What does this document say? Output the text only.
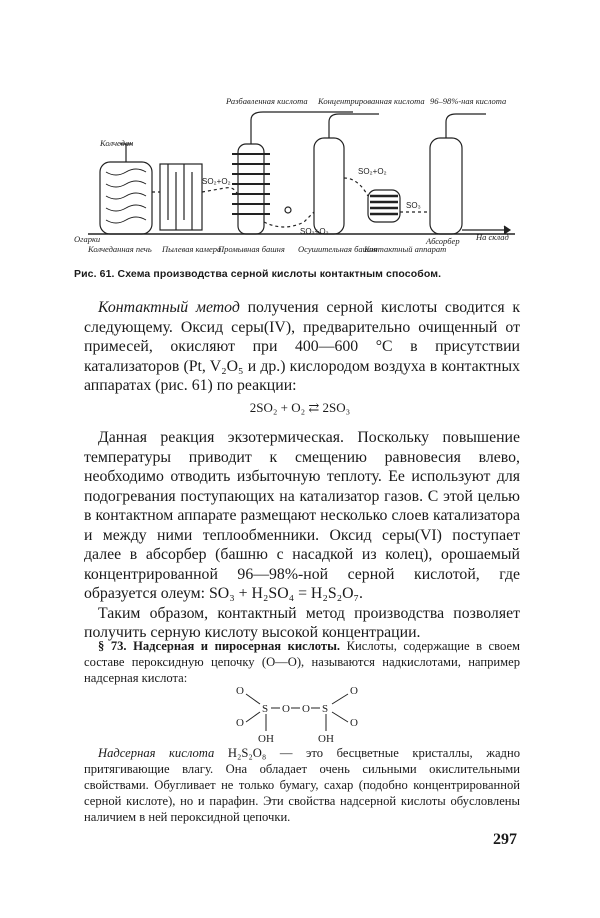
Колчедан
Огарки
Колчеданная печь Пылевая камера
Промывная башня Осушительная башня
Контактный аппарат
Абсорбер
Разбавленная кислота Концентрированная кислота 96–98%-ная кислота
На склад
SO₂+O₂
SO₂+O₂
SO₂+O₂
SO₃
Рис. 61. Схема производства серной кислоты контактным способом.

Контактный метод получения серной кислоты сводится к следующему. Оксид серы(IV), предварительно очищенный от примесей, окисляют при 400—600 °C в присутствии катализаторов (Pt, V₂O₅ и др.) кислородом воздуха в контактных аппаратах (рис. 61) по реакции:

2SO₂ + O₂ ⇄ 2SO₃

Данная реакция экзотермическая. Поскольку повышение температуры приводит к смещению равновесия влево, необходимо отводить избыточную теплоту. Ее используют для подогревания поступающих на катализатор газов. С этой целью в контактном аппарате размещают несколько слоев катализатора и между ними теплообменники. Оксид серы(VI) поступает далее в абсорбер (башню с насадкой из колец), орошаемый концентрированной 96—98%-ной серной кислотой, где образуется олеум: SO₃ + H₂SO₄ = H₂S₂O₇.

Таким образом, контактный метод производства позволяет получить серную кислоту высокой концентрации.

§ 73. Надсерная и пиросерная кислоты. Кислоты, содержащие в своем составе пероксидную цепочку (О—О), называются надкислотами, например надсерная кислота:

O
O
S O O S
O
O
OH	OH
S—O—O—S

Надсерная кислота H₂S₂O₈ — это бесцветные кристаллы, жадно притягивающие влагу. Она обладает очень сильными окислительными свойствами. Обугливает не только бумагу, сахар (подобно концентрированной серной кислоте), но и парафин. Эти свойства надсерной кислоты обусловлены наличием в ней пероксидной цепочки.

297
